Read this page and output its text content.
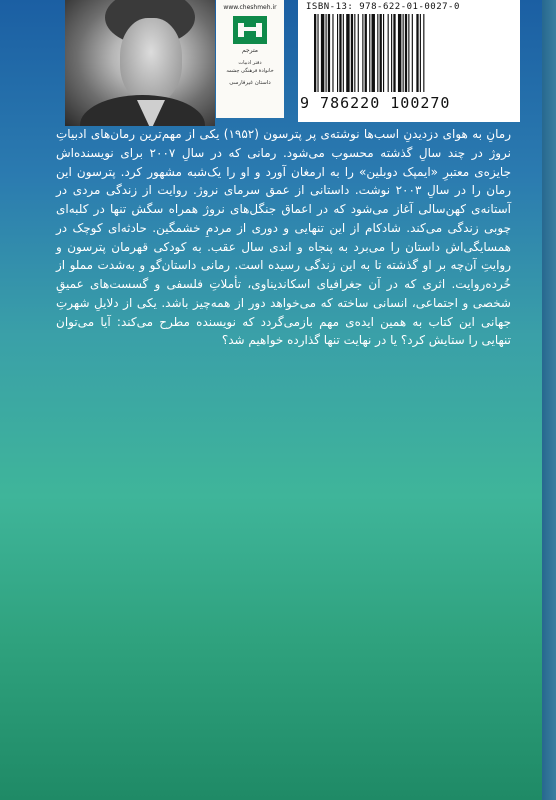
www.cheshmeh.ir
مترجم
دفتر ادبیات
خانوادهٔ فرهنگی چشمه
داستان غیرفارسی
ISBN-13: 978-622-01-0027-0
9 786220 100270

رمانِ به هوای دزدیدنِ اسب‌ها نوشته‌ی پر پترسون (۱۹۵۲) یکی از مهم‌ترین رمان‌های ادبیاتِ نروژ در چند سالِ گذشته محسوب می‌شود. رمانی که در سالِ ۲۰۰۷ برای نویسنده‌اش جایزه‌ی معتبرِ «ایمپک دوبلین» را به ارمغان آورد و او را یک‌شبه مشهور کرد. پترسون این رمان را در سالِ ۲۰۰۳ نوشت. داستانی از عمق سرمای نروژ. روایت از زندگی مردی در آستانه‌ی کهن‌سالی آغاز می‌شود که در اعماق جنگل‌های نروژ همراه سگش تنها در کلبه‌ای چوبی زندگی می‌کند. شادکام از این تنهایی و دوری از مردمِ خشمگین. حادثه‌ای کوچک در همسایگی‌اش داستان را می‌برد به پنجاه و اندی سال عقب. به کودکی قهرمان پترسون و روایتِ آن‌چه بر او گذشته تا به این زندگی رسیده است. رمانی داستان‌گو و به‌شدت مملو از خُرده‌روایت. اثری که در آن جغرافیای اسکاندیناوی، تأملاتِ فلسفی و گسست‌های عمیقِ شخصی و اجتماعی، انسانی ساخته که می‌خواهد دور از همه‌چیز باشد. یکی از دلایلِ شهرتِ جهانی این کتاب به همین ایده‌ی مهم بازمی‌گردد که نویسنده مطرح می‌کند: آیا می‌توان تنهایی را ستایش کرد؟ یا در نهایت تنها گذارده خواهیم شد؟
